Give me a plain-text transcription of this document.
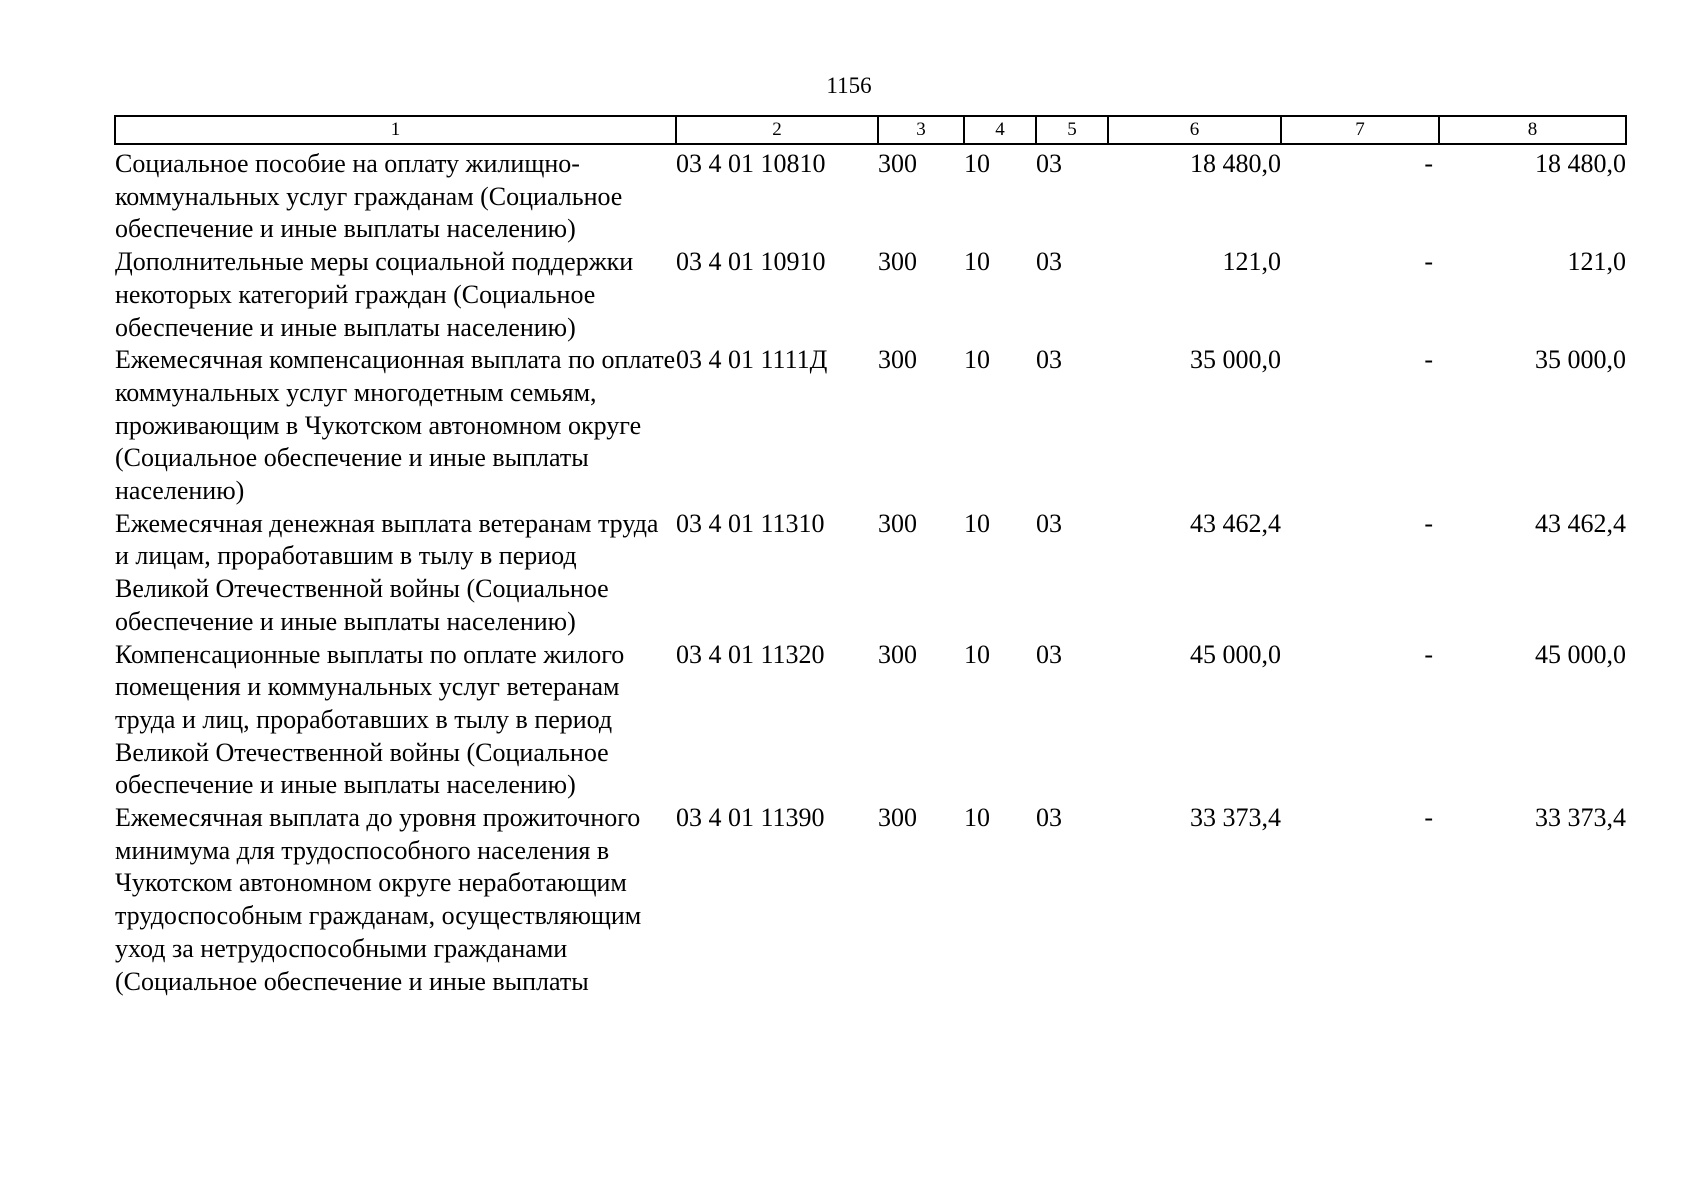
1156
1	2	3	4	5	6	7	8
Социальное пособие на оплату жилищно-коммунальных услуг гражданам (Социальное обеспечение и иные выплаты населению)	03 4 01 10810	300	10	03	18 480,0	-	18 480,0
Дополнительные меры социальной поддержки некоторых категорий граждан (Социальное обеспечение и иные выплаты населению)	03 4 01 10910	300	10	03	121,0	-	121,0
Ежемесячная компенсационная выплата по оплате коммунальных услуг многодетным семьям, проживающим в Чукотском автономном округе (Социальное обеспечение и иные выплаты населению)	03 4 01 1111Д	300	10	03	35 000,0	-	35 000,0
Ежемесячная денежная выплата ветеранам труда и лицам, проработавшим в тылу в период Великой Отечественной войны (Социальное обеспечение и иные выплаты населению)	03 4 01 11310	300	10	03	43 462,4	-	43 462,4
Компенсационные выплаты по оплате жилого помещения и коммунальных услуг ветеранам труда и лиц, проработавших в тылу в период Великой Отечественной войны (Социальное обеспечение и иные выплаты населению)	03 4 01 11320	300	10	03	45 000,0	-	45 000,0
Ежемесячная выплата до уровня прожиточного минимума для трудоспособного населения в Чукотском автономном округе неработающим трудоспособным гражданам, осуществляющим уход за нетрудоспособными гражданами (Социальное обеспечение и иные выплаты	03 4 01 11390	300	10	03	33 373,4	-	33 373,4
